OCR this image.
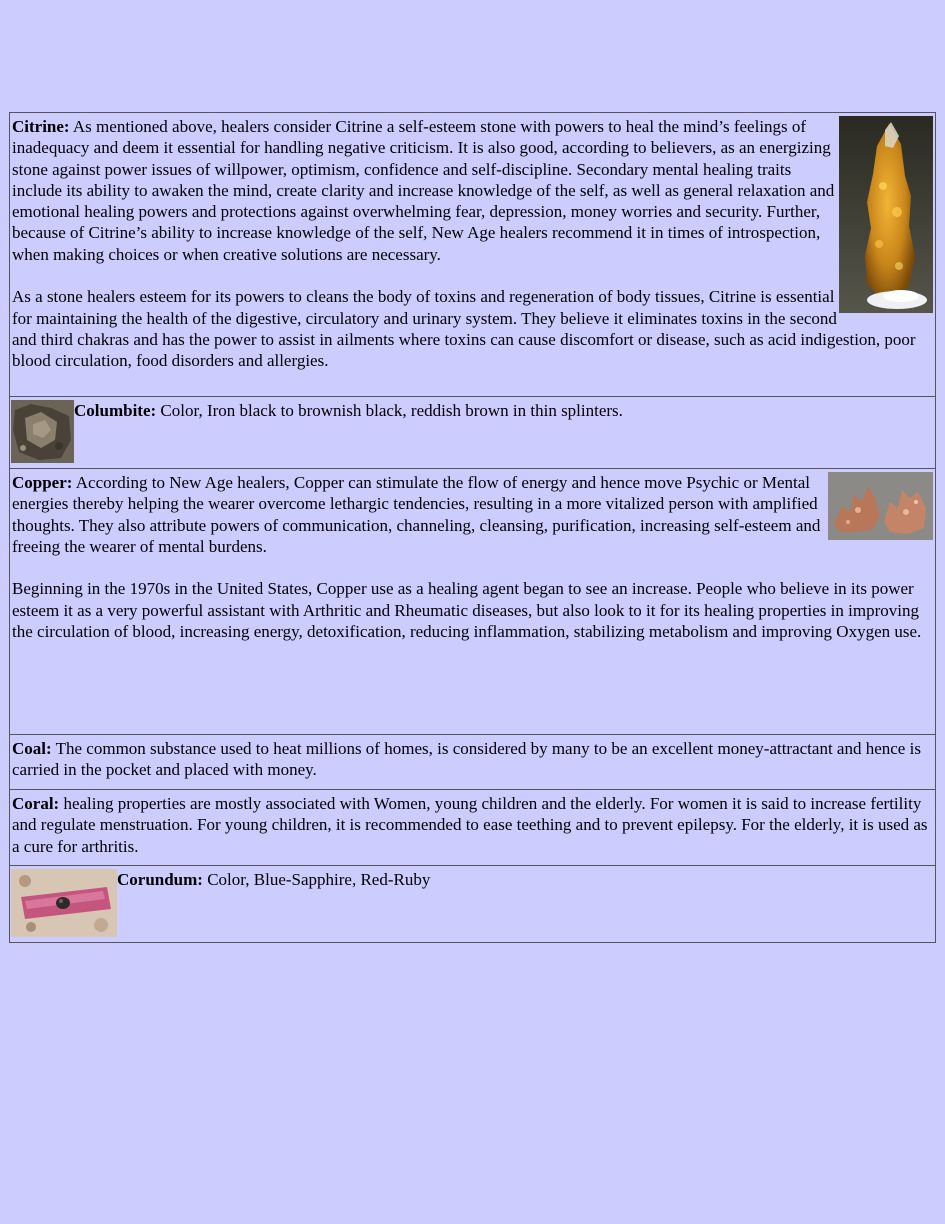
Citrine: As mentioned above, healers consider Citrine a self-esteem stone with powers to heal the mind’s feelings of inadequacy and deem it essential for handling negative criticism. It is also good, according to believers, as an energizing stone against power issues of willpower, optimism, confidence and self-discipline. Secondary mental healing traits include its ability to awaken the mind, create clarity and increase knowledge of the self, as well as general relaxation and emotional healing powers and protections against overwhelming fear, depression, money worries and security. Further, because of Citrine’s ability to increase knowledge of the self, New Age healers recommend it in times of introspection, when making choices or when creative solutions are necessary.

As a stone healers esteem for its powers to cleans the body of toxins and regeneration of body tissues, Citrine is essential for maintaining the health of the digestive, circulatory and urinary system. They believe it eliminates toxins in the second and third chakras and has the power to assist in ailments where toxins can cause discomfort or disease, such as acid indigestion, poor blood circulation, food disorders and allergies.

Columbite: Color, Iron black to brownish black, reddish brown in thin splinters.

Copper: According to New Age healers, Copper can stimulate the flow of energy and hence move Psychic or Mental energies thereby helping the wearer overcome lethargic tendencies, resulting in a more vitalized person with amplified thoughts. They also attribute powers of communication, channeling, cleansing, purification, increasing self-esteem and freeing the wearer of mental burdens.

Beginning in the 1970s in the United States, Copper use as a healing agent began to see an increase. People who believe in its power esteem it as a very powerful assistant with Arthritic and Rheumatic diseases, but also look to it for its healing properties in improving the circulation of blood, increasing energy, detoxification, reducing inflammation, stabilizing metabolism and improving Oxygen use.

Coal: The common substance used to heat millions of homes, is considered by many to be an excellent money-attractant and hence is carried in the pocket and placed with money.
Coral: healing properties are mostly associated with Women, young children and the elderly. For women it is said to increase fertility and regulate menstruation. For young children, it is recommended to ease teething and to prevent epilepsy. For the elderly, it is used as a cure for arthritis.
Corundum: Color, Blue-Sapphire, Red-Ruby
